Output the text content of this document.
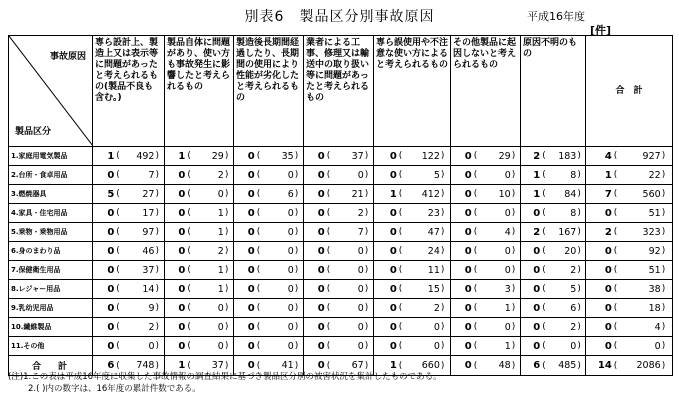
別表6　製品区分別事故原因	平成16年度
[件]
事故原因
製品区分	専ら設計上、製造上又は表示等に問題があったと考えられるもの(製品不良も含む。)	製品自体に問題があり、使い方も事故発生に影響したと考えられるもの	製造後長期間経過したり、長期間の使用により性能が劣化したと考えられるもの	業者による工事、修理又は輸送中の取り扱い等に問題があったと考えられるもの	専ら誤使用や不注意な使い方によると考えられるもの	その他製品に起因しないと考えられるもの	原因不明のもの	合　計
1.家庭用電気製品	1 ( 492 )	1 ( 29 )	0 ( 35 )	0 ( 37 )	0 ( 122 )	0 ( 29 )	2 ( 183 )	4 ( 927 )

2.台所・食卓用品	0 ( 7 )	0 ( 2 )	0 ( 0 )	0 ( 0 )	0 ( 5 )	0 ( 0 )	1 ( 8 )	1 ( 22 )

3.燃焼器具	5 ( 27 )	0 ( 0 )	0 ( 6 )	0 ( 21 )	1 ( 412 )	0 ( 10 )	1 ( 84 )	7 ( 560 )

4.家具・住宅用品	0 ( 17 )	0 ( 1 )	0 ( 0 )	0 ( 2 )	0 ( 23 )	0 ( 0 )	0 ( 8 )	0 ( 51 )

5.乗物・乗物用品	0 ( 97 )	0 ( 1 )	0 ( 0 )	0 ( 7 )	0 ( 47 )	0 ( 4 )	2 ( 167 )	2 ( 323 )

6.身のまわり品	0 ( 46 )	0 ( 2 )	0 ( 0 )	0 ( 0 )	0 ( 24 )	0 ( 0 )	0 ( 20 )	0 ( 92 )

7.保健衛生用品	0 ( 37 )	0 ( 1 )	0 ( 0 )	0 ( 0 )	0 ( 11 )	0 ( 0 )	0 ( 2 )	0 ( 51 )

8.レジャー用品	0 ( 14 )	0 ( 1 )	0 ( 0 )	0 ( 0 )	0 ( 15 )	0 ( 3 )	0 ( 5 )	0 ( 38 )

9.乳幼児用品	0 ( 9 )	0 ( 0 )	0 ( 0 )	0 ( 0 )	0 ( 2 )	0 ( 1 )	0 ( 6 )	0 ( 18 )

10.繊維製品	0 ( 2 )	0 ( 0 )	0 ( 0 )	0 ( 0 )	0 ( 0 )	0 ( 0 )	0 ( 2 )	0 ( 4 )

11.その他	0 ( 0 )	0 ( 0 )	0 ( 0 )	0 ( 0 )	0 ( 0 )	0 ( 1 )	0 ( 0 )	0 ( 0 )

合　計	6 ( 748 )	1 ( 37 )	0 ( 41 )	0 ( 67 )	1 ( 660 )	0 ( 48 )	6 ( 485 )	14 ( 2086 )
(注)1.この表は平成16年度に収集した事故情報の調査結果に基づき製品区分別の被害状況を集計したものである。
2.( )内の数字は、16年度の累計件数である。
